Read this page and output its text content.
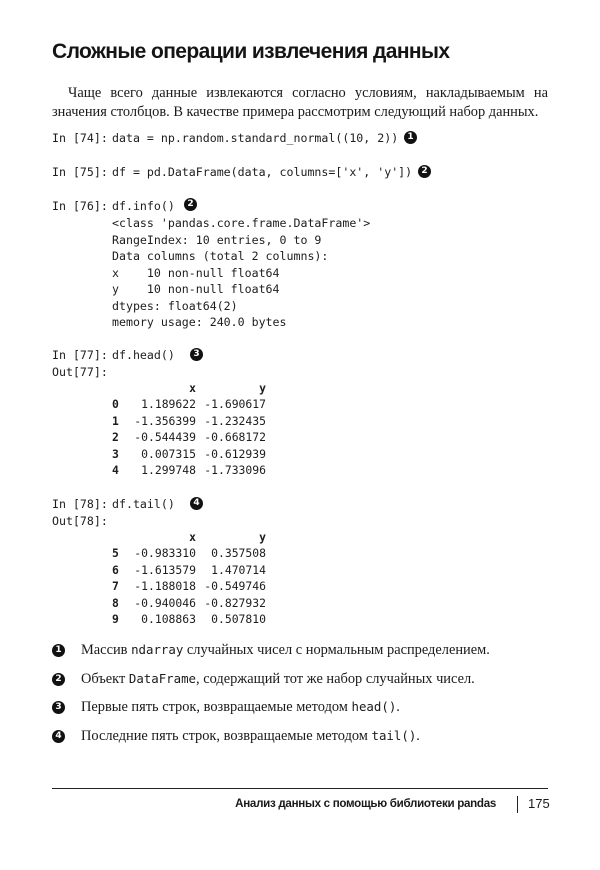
Сложные операции извлечения данных

Чаще всего данные извлекаются согласно условиям, накладываемым на значения столбцов. В качестве примера рассмотрим следующий набор данных.

In [74]: data = np.random.standard_normal((10, 2))	1
In [75]: df = pd.DataFrame(data, columns=['x', 'y'])	2
In [76]: df.info()	2
<class 'pandas.core.frame.DataFrame'>
RangeIndex: 10 entries, 0 to 9
Data columns (total 2 columns):
x    10 non-null float64
y    10 non-null float64
dtypes: float64(2)
memory usage: 240.0 bytes
In [77]: df.head()	3
Out[77]:
	x	y
0	1.189622	-1.690617
1	-1.356399	-1.232435
2	-0.544439	-0.668172
3	0.007315	-0.612939
4	1.299748	-1.733096
In [78]: df.tail()	4
Out[78]:
	x	y
5	-0.983310	0.357508
6	-1.613579	1.470714
7	-1.188018	-0.549746
8	-0.940046	-0.827932
9	0.108863	0.507810
1 Массив ndarray случайных чисел с нормальным распределением.
2 Объект DataFrame, содержащий тот же набор случайных чисел.
3 Первые пять строк, возвращаемые методом head().
4 Последние пять строк, возвращаемые методом tail().
Анализ данных с помощью библиотеки pandas 175
